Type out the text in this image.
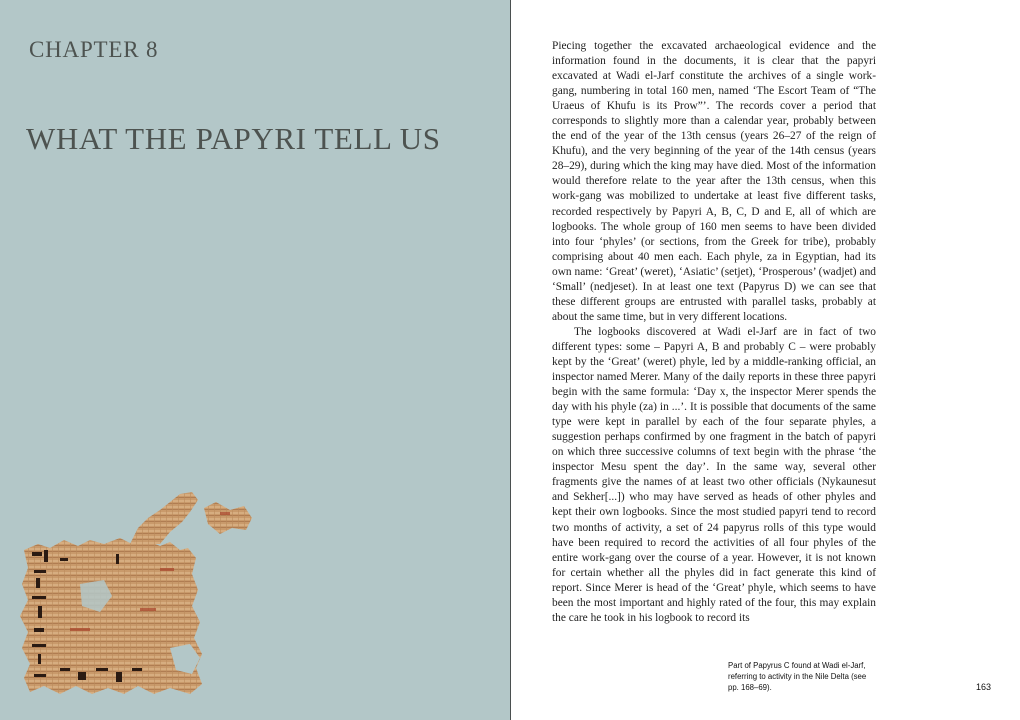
CHAPTER 8
WHAT THE PAPYRI TELL US

Piecing together the excavated archaeological evidence and the information found in the documents, it is clear that the papyri excavated at Wadi el-Jarf constitute the archives of a single work-gang, numbering in total 160 men, named ‘The Escort Team of “The Uraeus of Khufu is its Prow”’. The records cover a period that corresponds to slightly more than a calendar year, probably between the end of the year of the 13th census (years 26–27 of the reign of Khufu), and the very beginning of the year of the 14th census (years 28–29), during which the king may have died. Most of the information would therefore relate to the year after the 13th census, when this work-gang was mobilized to undertake at least five different tasks, recorded respectively by Papyri A, B, C, D and E, all of which are logbooks. The whole group of 160 men seems to have been divided into four ‘phyles’ (or sections, from the Greek for tribe), probably comprising about 40 men each. Each phyle, za in Egyptian, had its own name: ‘Great’ (weret), ‘Asiatic’ (setjet), ‘Prosperous’ (wadjet) and ‘Small’ (nedjeset). In at least one text (Papyrus D) we can see that these different groups are entrusted with parallel tasks, probably at about the same time, but in very different locations.

The logbooks discovered at Wadi el-Jarf are in fact of two different types: some – Papyri A, B and probably C – were probably kept by the ‘Great’ (weret) phyle, led by a middle-ranking official, an inspector named Merer. Many of the daily reports in these three papyri begin with the same formula: ‘Day x, the inspector Merer spends the day with his phyle (za) in ...’. It is possible that documents of the same type were kept in parallel by each of the four separate phyles, a suggestion perhaps confirmed by one fragment in the batch of papyri on which three successive columns of text begin with the phrase ‘the inspector Mesu spent the day’. In the same way, several other fragments give the names of at least two other officials (Nykaunesut and Sekher[...]) who may have served as heads of other phyles and kept their own logbooks. Since the most studied papyri tend to record two months of activity, a set of 24 papyrus rolls of this type would have been required to record the activities of all four phyles of the entire work-gang over the course of a year. However, it is not known for certain whether all the phyles did in fact generate this kind of report. Since Merer is head of the ‘Great’ phyle, which seems to have been the most important and highly rated of the four, this may explain the care he took in his logbook to record its

Part of Papyrus C found at Wadi el-Jarf, referring to activity in the Nile Delta (see pp. 168–69).	163
